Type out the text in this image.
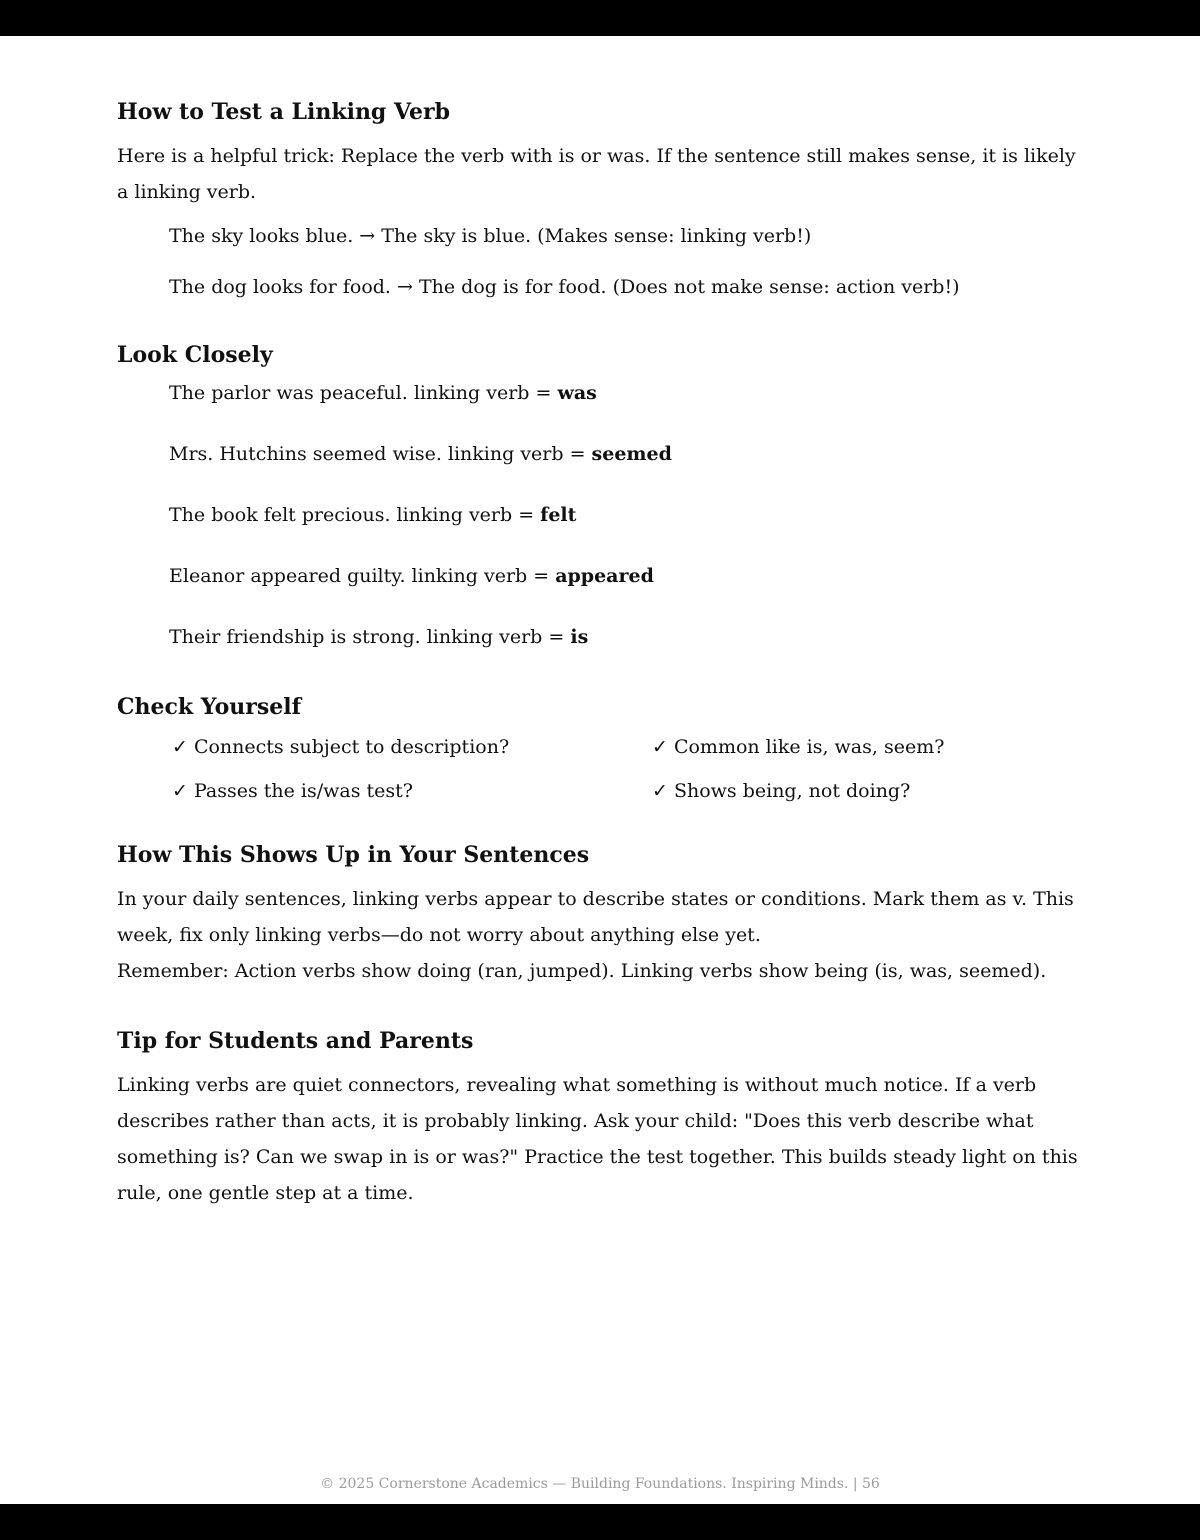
How to Test a Linking Verb

Here is a helpful trick: Replace the verb with is or was. If the sentence still makes sense, it is likely a linking verb.

The sky looks blue. → The sky is blue. (Makes sense: linking verb!)
The dog looks for food. → The dog is for food. (Does not make sense: action verb!)
Look Closely
The parlor was peaceful. linking verb = was
Mrs. Hutchins seemed wise. linking verb = seemed
The book felt precious. linking verb = felt
Eleanor appeared guilty. linking verb = appeared
Their friendship is strong. linking verb = is
Check Yourself
✓ Connects subject to description?	✓ Common like is, was, seem?
✓ Passes the is/was test?	✓ Shows being, not doing?
How This Shows Up in Your Sentences

In your daily sentences, linking verbs appear to describe states or conditions. Mark them as v. This week, fix only linking verbs—do not worry about anything else yet.

Remember: Action verbs show doing (ran, jumped). Linking verbs show being (is, was, seemed).

Tip for Students and Parents

Linking verbs are quiet connectors, revealing what something is without much notice. If a verb describes rather than acts, it is probably linking. Ask your child: "Does this verb describe what something is? Can we swap in is or was?" Practice the test together. This builds steady light on this rule, one gentle step at a time.

© 2025 Cornerstone Academics — Building Foundations. Inspiring Minds. | 56
